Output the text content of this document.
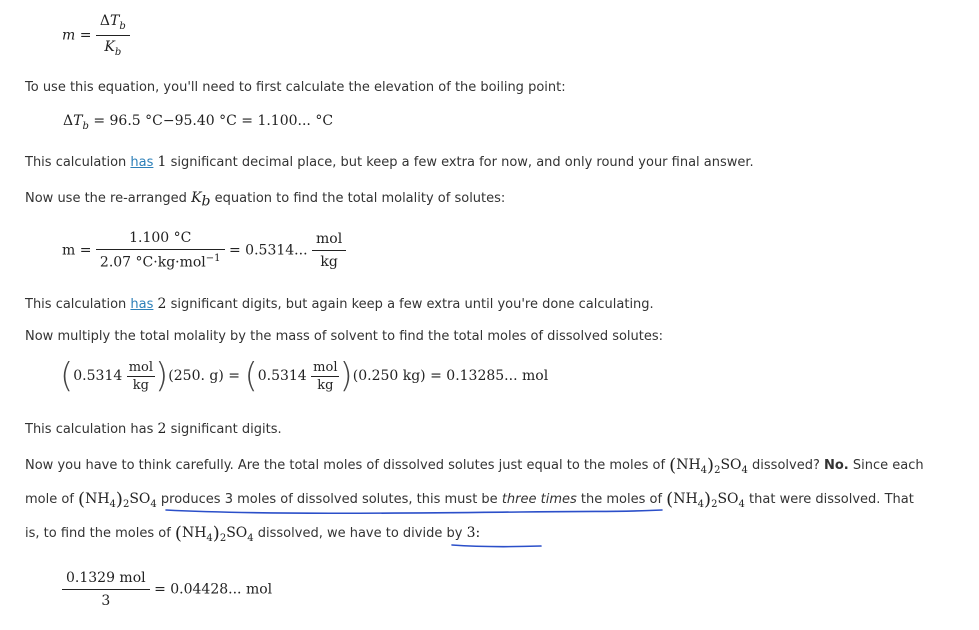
$m = \frac{\Delta T_b}{K_b}$
To use this equation, you'll need to first calculate the elevation of the boiling point:
$\Delta T_b = 96.5$ °C−95.40 °C = 1.100... °C
This calculation has 1 significant decimal place, but keep a few extra for now, and only round your final answer.
Now use the re-arranged $K_b$ equation to find the total molality of solutes:
$m = \frac{1.100 ^\circ C}{2.07 ^\circ C\cdot kg\cdot mol^{-1}} = 0.5314$... $\frac{\text{mol}}{kg}$
This calculation has 2 significant digits, but again keep a few extra until you're done calculating.
Now multiply the total molality by the mass of solvent to find the total moles of dissolved solutes:
$(0.5314 \frac{\text{mol}}{kg} )(250$. $g) = (0.5314 \frac{\text{mol}}{kg} )(0.250$ kg) = 0.13285... mol
This calculation has 2 significant digits.
Now you have to think carefully. Are the total moles of dissolved solutes just equal to the moles of $(NH_4)_2SO_4$ dissolved? No. Since each
mole of $(NH_4)_2SO_4$ produces 3 moles of dissolved solutes, this must be three times the moles of $(NH_4)_2SO_4$ that were dissolved. That
is, to find the moles of $(NH_4)_2SO_4$ dissolved, we have to divide by 3:
$\frac{\text{0.1329 mol}}{3} = 0.04428$... mol
